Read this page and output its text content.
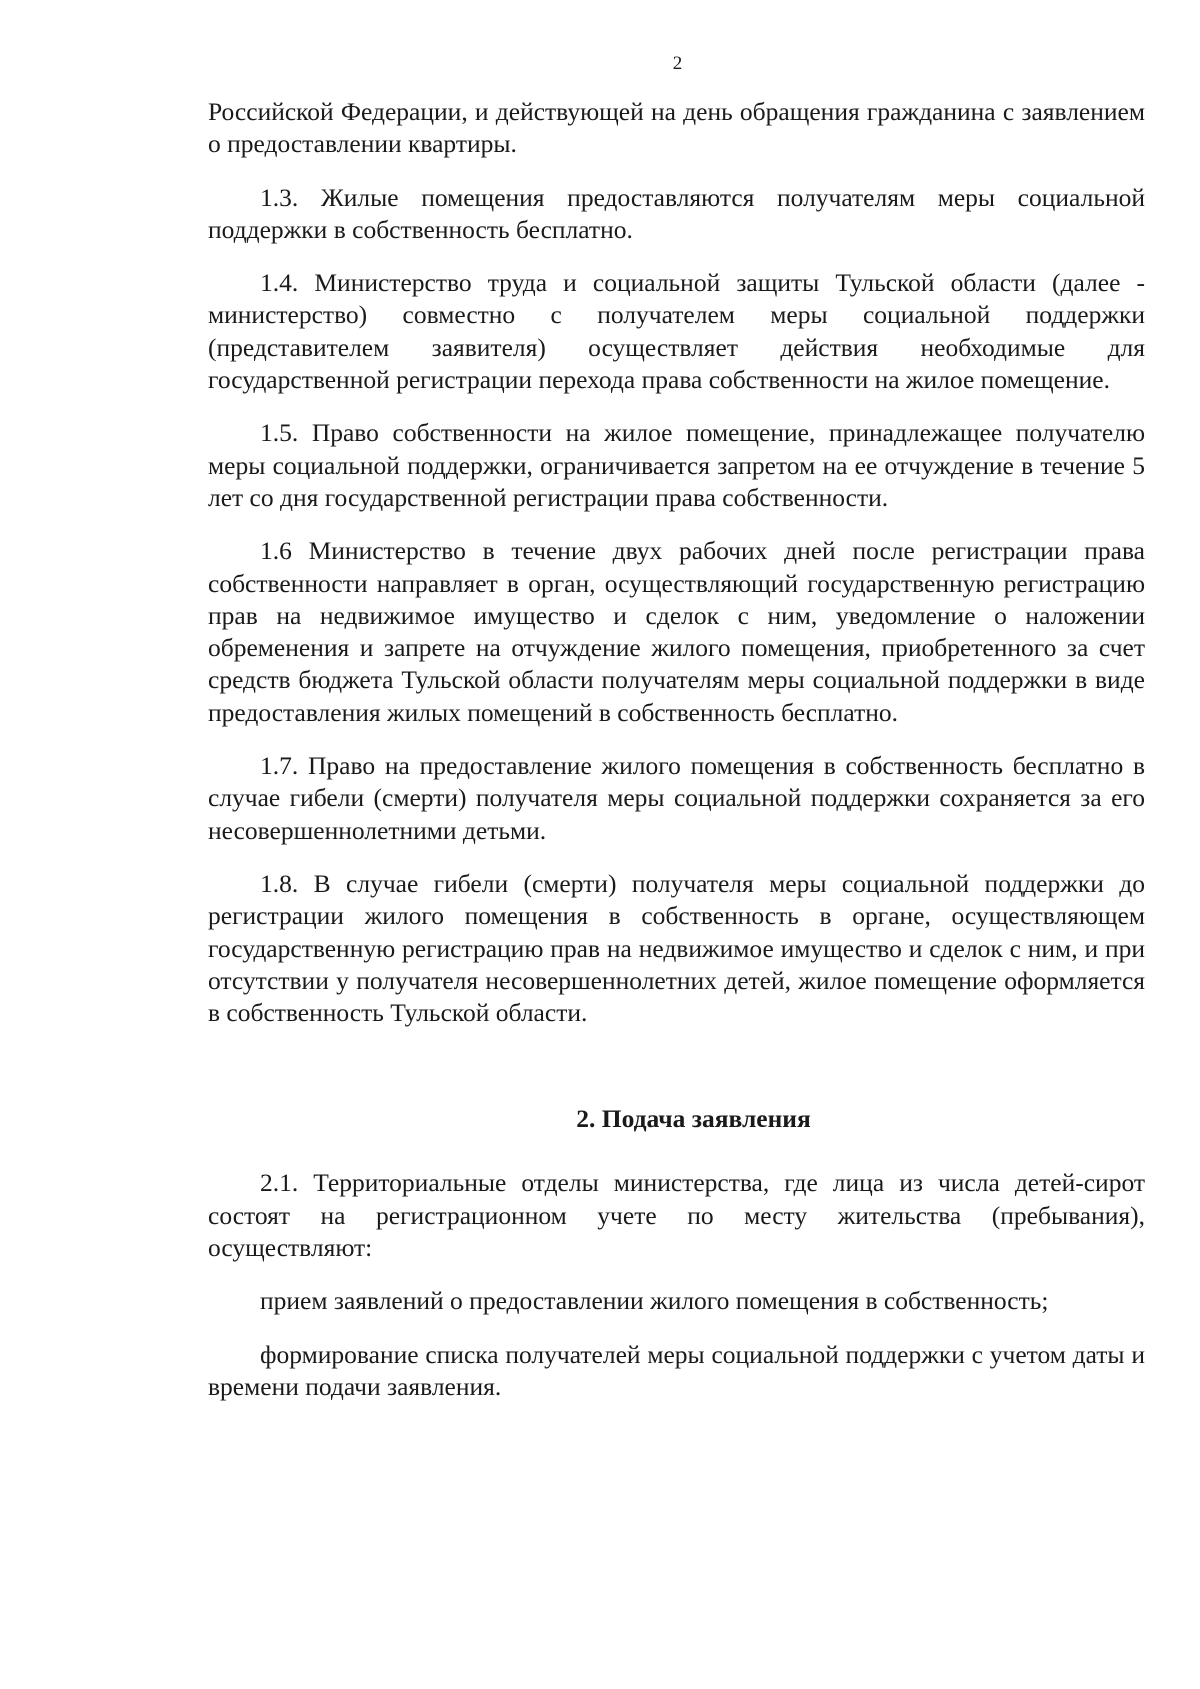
2

Российской Федерации, и действующей на день обращения гражданина с заявлением о предоставлении квартиры.

1.3. Жилые помещения предоставляются получателям меры социальной поддержки в собственность бесплатно.

1.4. Министерство труда и социальной защиты Тульской области (далее - министерство) совместно с получателем меры социальной поддержки (представителем заявителя) осуществляет действия необходимые для государственной регистрации перехода права собственности на жилое помещение.

1.5. Право собственности на жилое помещение, принадлежащее получателю меры социальной поддержки, ограничивается запретом на ее отчуждение в течение 5 лет со дня государственной регистрации права собственности.

1.6 Министерство в течение двух рабочих дней после регистрации права собственности направляет в орган, осуществляющий государственную регистрацию прав на недвижимое имущество и сделок с ним, уведомление о наложении обременения и запрете на отчуждение жилого помещения, приобретенного за счет средств бюджета Тульской области получателям меры социальной поддержки в виде предоставления жилых помещений в собственность бесплатно.

1.7. Право на предоставление жилого помещения в собственность бесплатно в случае гибели (смерти) получателя меры социальной поддержки сохраняется за его несовершеннолетними детьми.

1.8. В случае гибели (смерти) получателя меры социальной поддержки до регистрации жилого помещения в собственность в органе, осуществляющем государственную регистрацию прав на недвижимое имущество и сделок с ним, и при отсутствии у получателя несовершеннолетних детей, жилое помещение оформляется в собственность Тульской области.

2. Подача заявления

2.1. Территориальные отделы министерства, где лица из числа детей-сирот состоят на регистрационном учете по месту жительства (пребывания), осуществляют:

прием заявлений о предоставлении жилого помещения в собственность;

формирование списка получателей меры социальной поддержки с учетом даты и времени подачи заявления.
